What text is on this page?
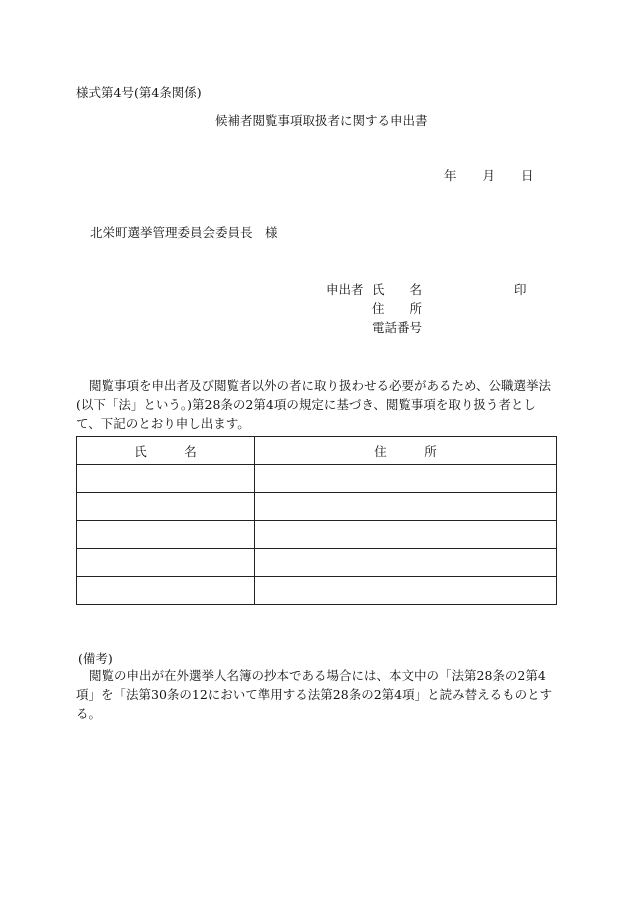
様式第4号(第4条関係)
候補者閲覧事項取扱者に関する申出書
年 月 日
北栄町選挙管理委員会委員長　様
申出者 氏　　名
住　　所
電話番号
印
閲覧事項を申出者及び閲覧者以外の者に取り扱わせる必要があるため、公職選挙法(以下「法」という。)第28条の2第4項の規定に基づき、閲覧事項を取り扱う者として、下記のとおり申し出ます。
氏　　　名	住　　　所

(備考)
閲覧の申出が在外選挙人名簿の抄本である場合には、本文中の「法第28条の2第4項」を「法第30条の12において準用する法第28条の2第4項」と読み替えるものとする。
